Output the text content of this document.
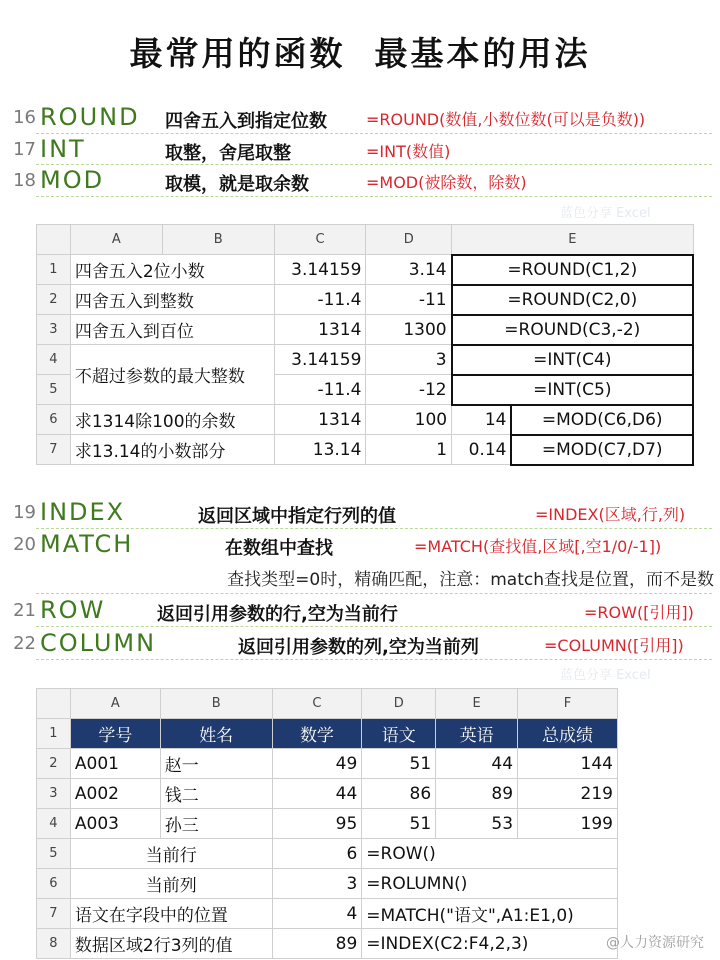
最常用的函数  最基本的用法
16 ROUND 四舍五入到指定位数 =ROUND(数值,小数位数(可以是负数))
17 INT	取整，舍尾取整	=INT(数值)
18 MOD	取模，就是取余数	=MOD(被除数，除数)
蓝色分享 Excel
	A	B	C	D	E	
1	四舍五入2位小数		3.14159	3.14	=ROUND(C1,2)	
2	四舍五入到整数		-11.4	-11	=ROUND(C2,0)	
3	四舍五入到百位		1314	1300	=ROUND(C3,-2)	
4	不超过参数的最大整数		3.14159	3	=INT(C4)	
5			-11.4	-12	=INT(C5)	
6	求1314除100的余数		1314	100	14	=MOD(C6,D6)
7	求13.14的小数部分		13.14	1	0.14	=MOD(C7,D7)
19 INDEX	返回区域中指定行列的值	=INDEX(区域,行,列)
20 MATCH	在数组中查找	=MATCH(查找值,区域[,空1/0/-1])
查找类型=0时，精确匹配，注意：match查找是位置，而不是数
21 ROW	返回引用参数的行,空为当前行	=ROW([引用])
22 COLUMN	返回引用参数的列,空为当前列	=COLUMN([引用])
蓝色分享 Excel
	A	B	C	D	E	F
1	学号	姓名	数学	语文	英语	总成绩
2	A001	赵一	49	51	44	144
3	A002	钱二	44	86	89	219
4	A003	孙三	95	51	53	199
5	当前行		6	=ROW()		
6	当前列		3	=ROLUMN()		
7	语文在字段中的位置		4	=MATCH("语文",A1:E1,0)		
8	数据区域2行3列的值		89	=INDEX(C2:F4,2,3)			@人力资源研究
